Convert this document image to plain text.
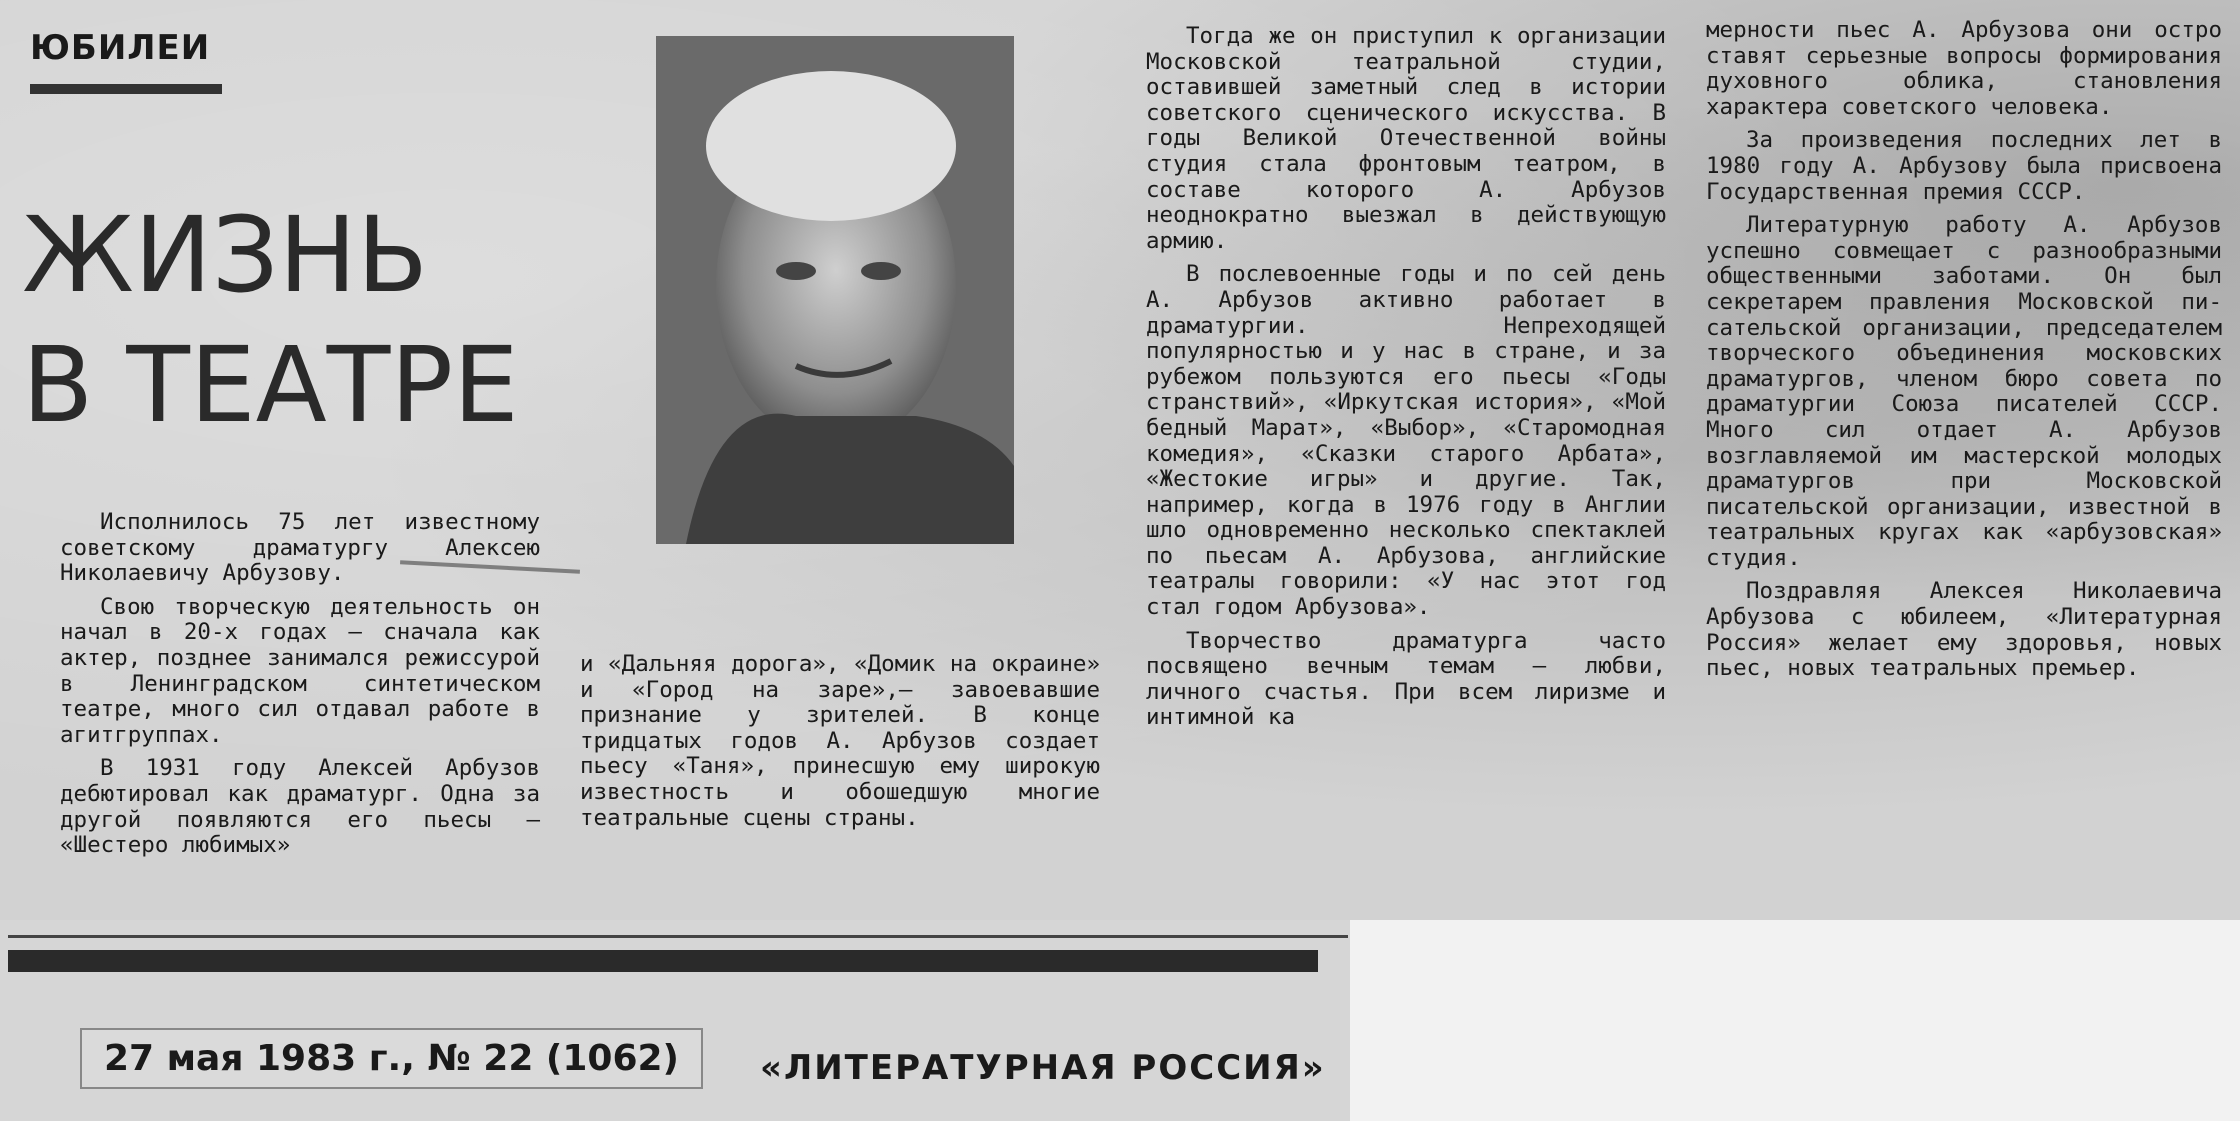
ЮБИЛЕИ
ЖИЗНЬ
В ТЕАТРЕ

Исполнилось 75 лет известному советскому драматургу Алексею Николаевичу Арбузову.

Свою творческую деятельность он начал в 20-х годах — сначала как актер, позднее занимался режиссурой в Ленинградском синтетическом театре, много сил отдавал работе в агитгруппах.

В 1931 году Алексей Арбузов дебютировал как драматург. Одна за другой появляются его пьесы — «Шестеро любимых»

и «Дальняя дорога», «Домик на окраине» и «Город на заре»,— завоевавшие признание у зрителей. В конце тридцатых годов А. Арбузов создает пьесу «Таня», принесшую ему широкую известность и обошедшую многие театральные сцены страны.

Тогда же он приступил к организации Московской театральной студии, оставившей заметный след в истории советского сценического искусства. В годы Великой Отечественной войны студия стала фронтовым театром, в составе которого А. Арбузов неоднократно выезжал в действующую армию.

В послевоенные годы и по сей день А. Арбузов активно работает в драматургии. Непреходящей популярностью и у нас в стране, и за рубежом пользуются его пьесы «Годы странствий», «Иркутская история», «Мой бедный Марат», «Выбор», «Старомодная комедия», «Сказки старого Арбата», «Жестокие игры» и другие. Так, например, когда в 1976 году в Англии шло одновременно несколько спектаклей по пьесам А. Арбузова, английские театралы говорили: «У нас этот год стал годом Арбузова».

Творчество драматурга часто посвящено вечным темам — любви, личного счастья. При всем лиризме и интимной ка

мерности пьес А. Арбузова они остро ставят серьезные вопросы формирования духовного облика, становления характера советского человека.

За произведения последних лет в 1980 году А. Арбузову была присвоена Государственная премия СССР.

Литературную работу А. Арбузов успешно совмещает с разнообразными общественными заботами. Он был секретарем правления Московской писательской организации, председателем творческого объединения московских драматургов, членом бюро совета по драматургии Союза писателей СССР. Много сил отдает А. Арбузов возглавляемой им мастерской молодых драматургов при Московской писательской организации, известной в театральных кругах как «арбузовская» студия.

Поздравляя Алексея Николаевича Арбузова с юбилеем, «Литературная Россия» желает ему здоровья, новых пьес, новых театральных премьер.

27 мая 1983 г., № 22 (1062)	«ЛИТЕРАТУРНАЯ РОССИЯ»
